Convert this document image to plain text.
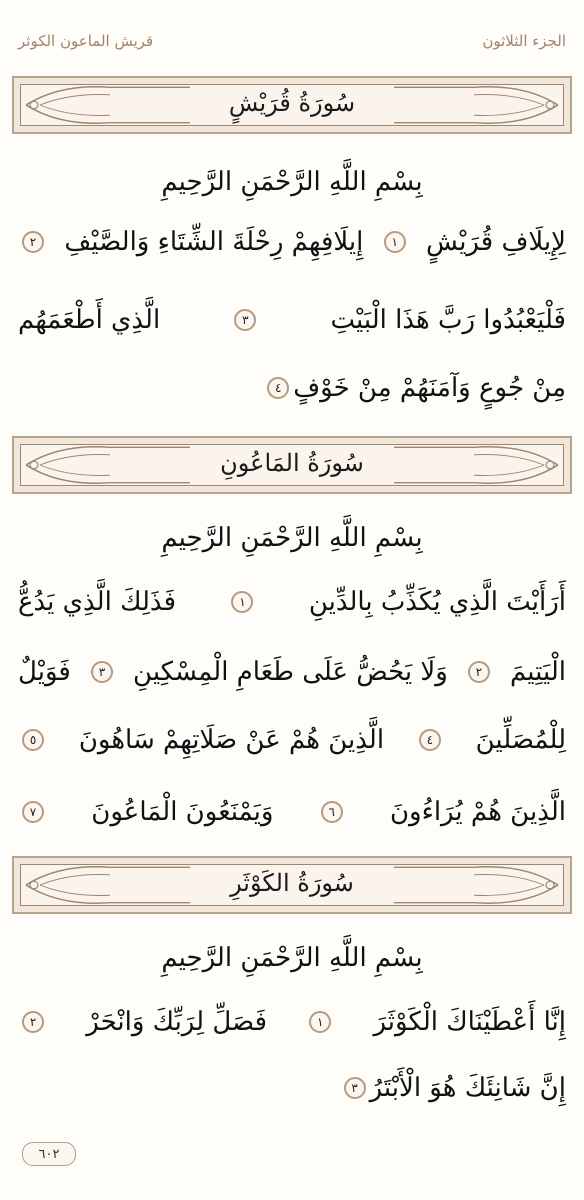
الجزء الثلاثون
قريش الماعون الكوثر
سُورَةُ قُرَيْشٍ
بِسْمِ اللَّهِ الرَّحْمَنِ الرَّحِيمِ
لِإِيلَافِ قُرَيْشٍ
١
إِيلَافِهِمْ رِحْلَةَ الشِّتَاءِ وَالصَّيْفِ
٢
فَلْيَعْبُدُوا رَبَّ هَذَا الْبَيْتِ
٣
الَّذِي أَطْعَمَهُم
مِنْ جُوعٍ وَآمَنَهُمْ مِنْ خَوْفٍ
٤
سُورَةُ المَاعُونِ
بِسْمِ اللَّهِ الرَّحْمَنِ الرَّحِيمِ
أَرَأَيْتَ الَّذِي يُكَذِّبُ بِالدِّينِ
١
فَذَلِكَ الَّذِي يَدُعُّ
الْيَتِيمَ
٢
وَلَا يَحُضُّ عَلَى طَعَامِ الْمِسْكِينِ
٣
فَوَيْلٌ
لِلْمُصَلِّينَ
٤
الَّذِينَ هُمْ عَنْ صَلَاتِهِمْ سَاهُونَ
٥
الَّذِينَ هُمْ يُرَاءُونَ
٦
وَيَمْنَعُونَ الْمَاعُونَ
٧
سُورَةُ الكَوْثَرِ
بِسْمِ اللَّهِ الرَّحْمَنِ الرَّحِيمِ
إِنَّا أَعْطَيْنَاكَ الْكَوْثَرَ
١
فَصَلِّ لِرَبِّكَ وَانْحَرْ
٢
إِنَّ شَانِئَكَ هُوَ الْأَبْتَرُ
٣
٦٠٢
